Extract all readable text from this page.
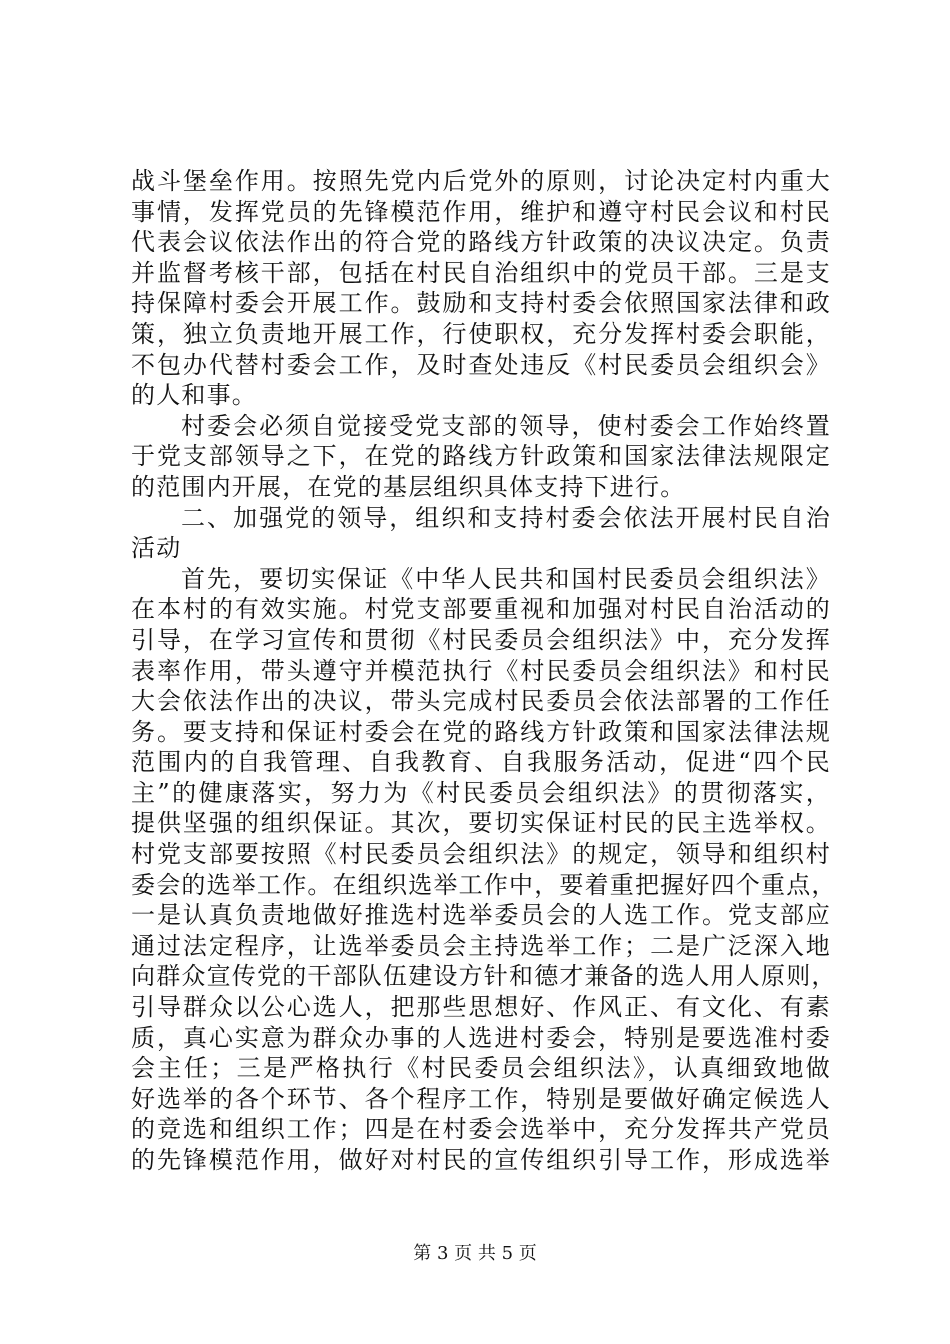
战斗堡垒作用。按照先党内后党外的原则，讨论决定村内重大
事情，发挥党员的先锋模范作用，维护和遵守村民会议和村民
代表会议依法作出的符合党的路线方针政策的决议决定。负责
并监督考核干部，包括在村民自治组织中的党员干部。三是支
持保障村委会开展工作。鼓励和支持村委会依照国家法律和政
策，独立负责地开展工作，行使职权，充分发挥村委会职能，
不包办代替村委会工作，及时查处违反《村民委员会组织会》
的人和事。
村委会必须自觉接受党支部的领导，使村委会工作始终置
于党支部领导之下，在党的路线方针政策和国家法律法规限定
的范围内开展，在党的基层组织具体支持下进行。
二、加强党的领导，组织和支持村委会依法开展村民自治
活动
首先，要切实保证《中华人民共和国村民委员会组织法》
在本村的有效实施。村党支部要重视和加强对村民自治活动的
引导，在学习宣传和贯彻《村民委员会组织法》中，充分发挥
表率作用，带头遵守并模范执行《村民委员会组织法》和村民
大会依法作出的决议，带头完成村民委员会依法部署的工作任
务。要支持和保证村委会在党的路线方针政策和国家法律法规
范围内的自我管理、自我教育、自我服务活动，促进“四个民
主”的健康落实，努力为《村民委员会组织法》的贯彻落实，
提供坚强的组织保证。其次，要切实保证村民的民主选举权。
村党支部要按照《村民委员会组织法》的规定，领导和组织村
委会的选举工作。在组织选举工作中，要着重把握好四个重点，
一是认真负责地做好推选村选举委员会的人选工作。党支部应
通过法定程序，让选举委员会主持选举工作；二是广泛深入地
向群众宣传党的干部队伍建设方针和德才兼备的选人用人原则，
引导群众以公心选人，把那些思想好、作风正、有文化、有素
质，真心实意为群众办事的人选进村委会，特别是要选准村委
会主任；三是严格执行《村民委员会组织法》，认真细致地做
好选举的各个环节、各个程序工作，特别是要做好确定候选人
的竞选和组织工作；四是在村委会选举中，充分发挥共产党员
的先锋模范作用，做好对村民的宣传组织引导工作，形成选举
第 3 页 共 5 页
